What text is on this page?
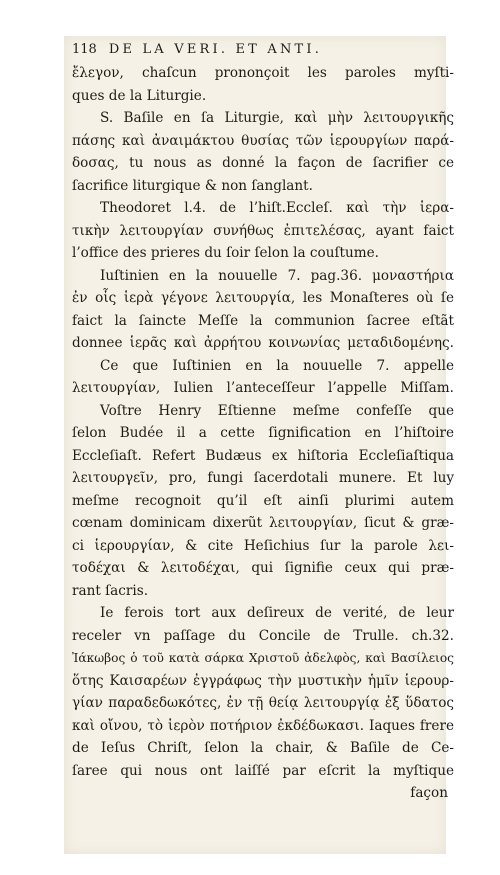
118 DE LA VERI. ET ANTI.
ἔλεγον, chaſcun prononçoit les paroles myſti-
ques de la Liturgie.
S. Baſile en ſa Liturgie, καὶ μὴν λειτουργικῆς
πάσης καὶ ἀναιμάκτου θυσίας τῶν ἱερουργίων παρά-
δοσας, tu nous as donné la façon de ſacrifier ce
ſacrifice liturgique & non ſanglant.
Theodoret l.4. de l’hiſt.Eccleſ. καὶ τὴν ἱερα-
τικὴν λειτουργίαν συνήθως ἐπιτελέσας, ayant faict
l’office des prieres du ſoir ſelon la couſtume.
Iuſtinien en la nouuelle 7. pag.36. μοναστήρια
ἐν οἷς ἱερὰ γέγονε λειτουργία, les Monaſteres où ſe
faict la ſaincte Meſſe la communion ſacree eſtãt
donnee ἱερᾶς καὶ ἀρρήτου κοινωνίας μεταδιδομένης.
Ce que Iuſtinien en la nouuelle 7. appelle
λειτουργίαν, Iulien l’anteceſſeur l’appelle Miſſam.
Voſtre Henry Eſtienne meſme confeſſe que
ſelon Budée il a cette ſignification en l’hiſtoire
Eccleſiaſt. Refert Budæus ex hiſtoria Eccleſiaſtiqua
λειτουργεῖν, pro, fungi ſacerdotali munere. Et luy
meſme recognoit qu’il eſt ainſi plurimi autem
cœnam dominicam dixerũt λειτουργίαν, ſicut & græ-
ci ἱερουργίαν, & cite Heſichius ſur la parole λει-
τοδέχαι & λειτοδέχαι, qui ſignifie ceux qui præ-
rant ſacris.
Ie ferois tort aux deſireux de verité, de leur
receler vn paſſage du Concile de Trulle. ch.32.
Ἰάκωβος ὁ τοῦ κατὰ σάρκα Χριστοῦ ἀδελφὸς, καὶ Βασίλειος
ὅτης Καισαρέων ἐγγράφως τὴν μυστικὴν ἡμῖν ἱερουρ-
γίαν παραδεδωκότες, ἐν τῇ θείᾳ λειτουργίᾳ ἐξ ὕδατος
καὶ οἴνου, τὸ ἱερὸν ποτήριον ἐκδέδωκασι. Iaques frere
de Ieſus Chriſt, ſelon la chair, & Baſile de Ce-
ſaree qui nous ont laiſſé par eſcrit la myſtique
façon
